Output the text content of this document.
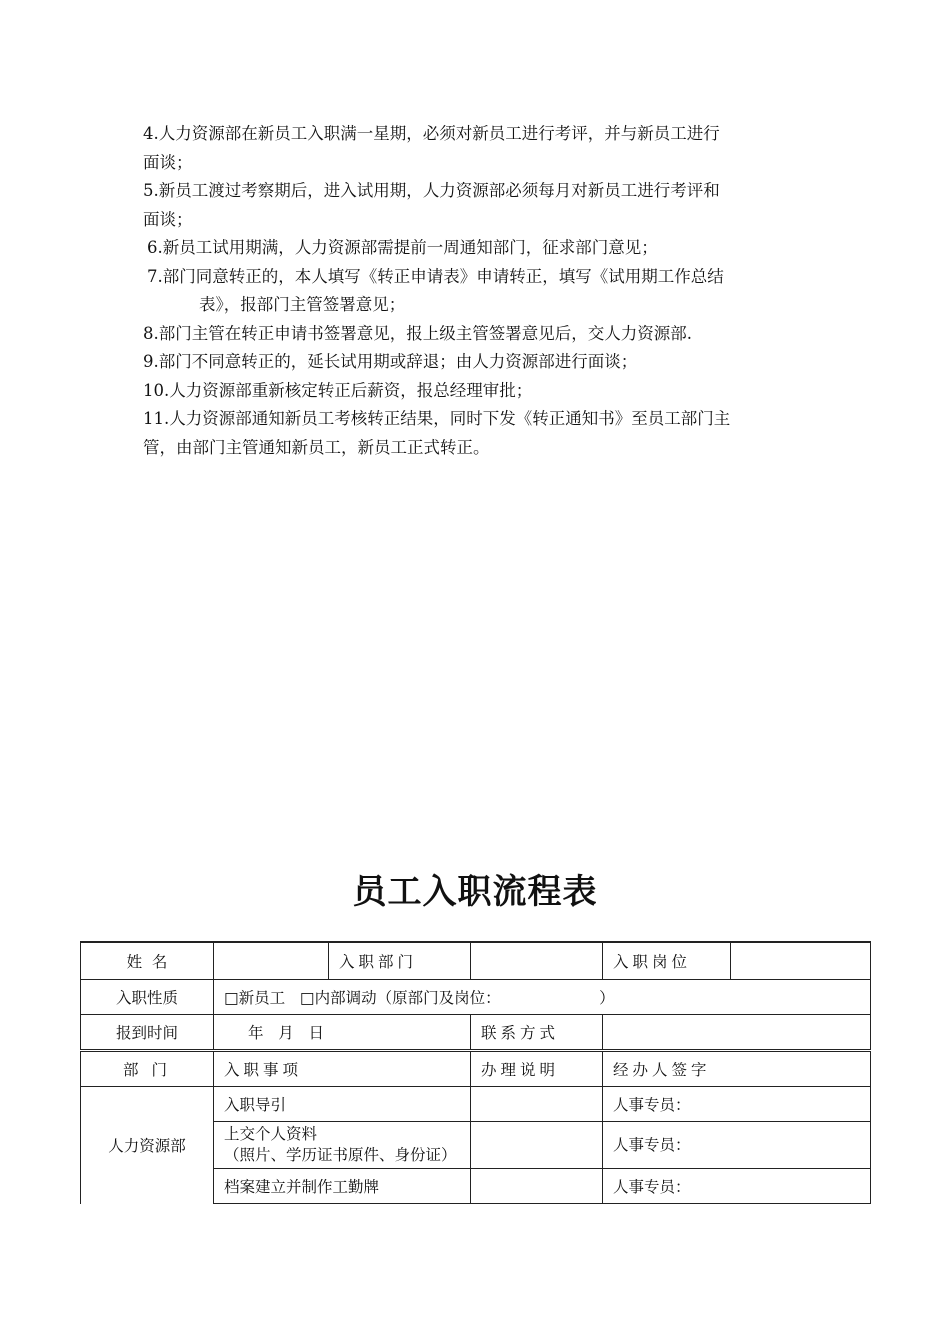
4.人力资源部在新员工入职满一星期，必须对新员工进行考评，并与新员工进行

面谈；

5.新员工渡过考察期后，进入试用期，人力资源部必须每月对新员工进行考评和

面谈；

6.新员工试用期满，人力资源部需提前一周通知部门，征求部门意见；

7.部门同意转正的，本人填写《转正申请表》申请转正，填写《试用期工作总结

表》，报部门主管签署意见；

8.部门主管在转正申请书签署意见，报上级主管签署意见后，交人力资源部.

9.部门不同意转正的，延长试用期或辞退；由人力资源部进行面谈；

10.人力资源部重新核定转正后薪资，报总经理审批；

11.人力资源部通知新员工考核转正结果，同时下发《转正通知书》至员工部门主

管，由部门主管通知新员工，新员工正式转正。

员工入职流程表
姓  名		入职部门		入职岗位	
入职性质	□新员工   □内部调动（原部门及岗位：                    ）				
报到时间	年   月   日		联系方式		
部 门	入职事项		办理说明	经办人签字	
人力资源部	入职导引			人事专员：	
	上交个人资料
（照片、学历证书原件、身份证）			人事专员：	
	档案建立并制作工勤牌			人事专员：	
